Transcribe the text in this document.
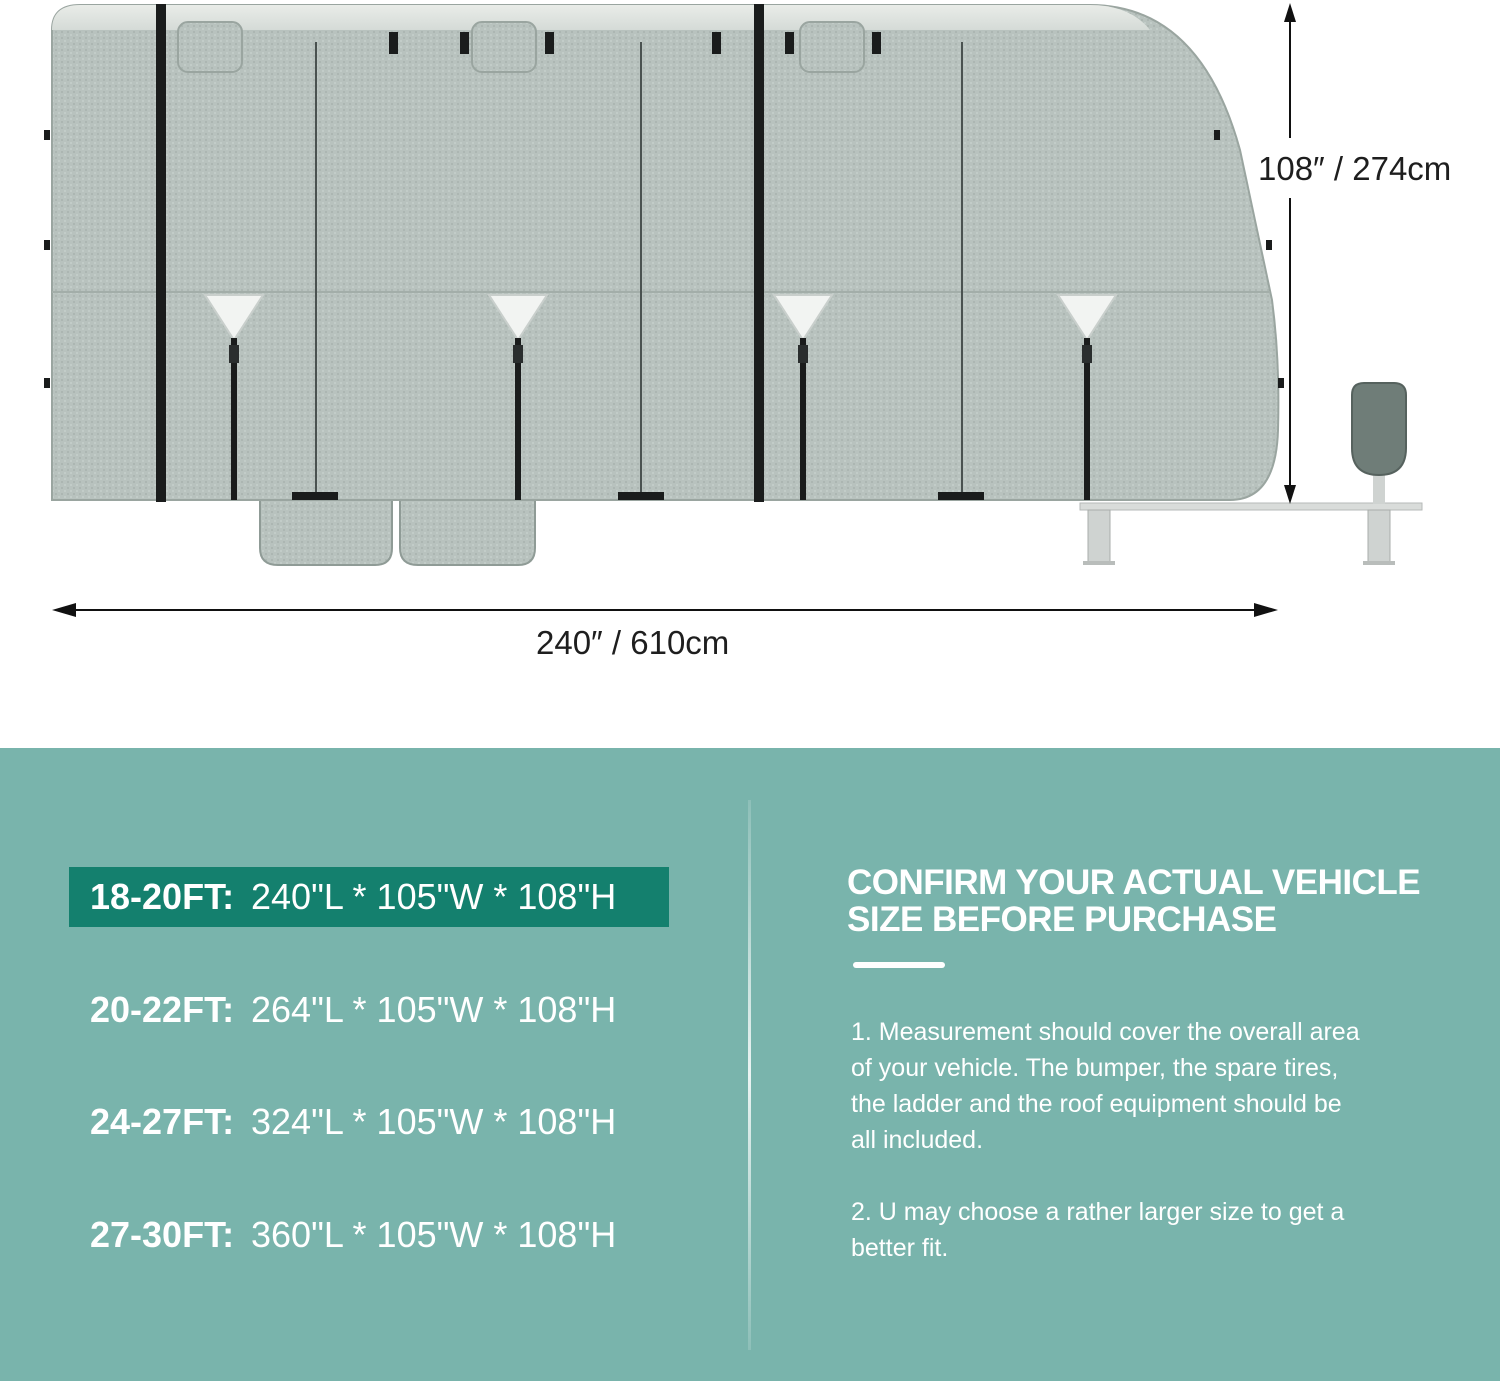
108″ / 274cm
240″ / 610cm
18-20FT: 240"L * 105"W * 108"H
20-22FT: 264"L * 105"W * 108"H
24-27FT: 324"L * 105"W * 108"H
27-30FT: 360"L * 105"W * 108"H
CONFIRM YOUR ACTUAL VEHICLE
SIZE BEFORE PURCHASE
1. Measurement should cover the overall area
of your vehicle. The bumper, the spare tires,
the ladder and the roof equipment should be
all included.
2. U may choose a rather larger size to get a
better fit.
